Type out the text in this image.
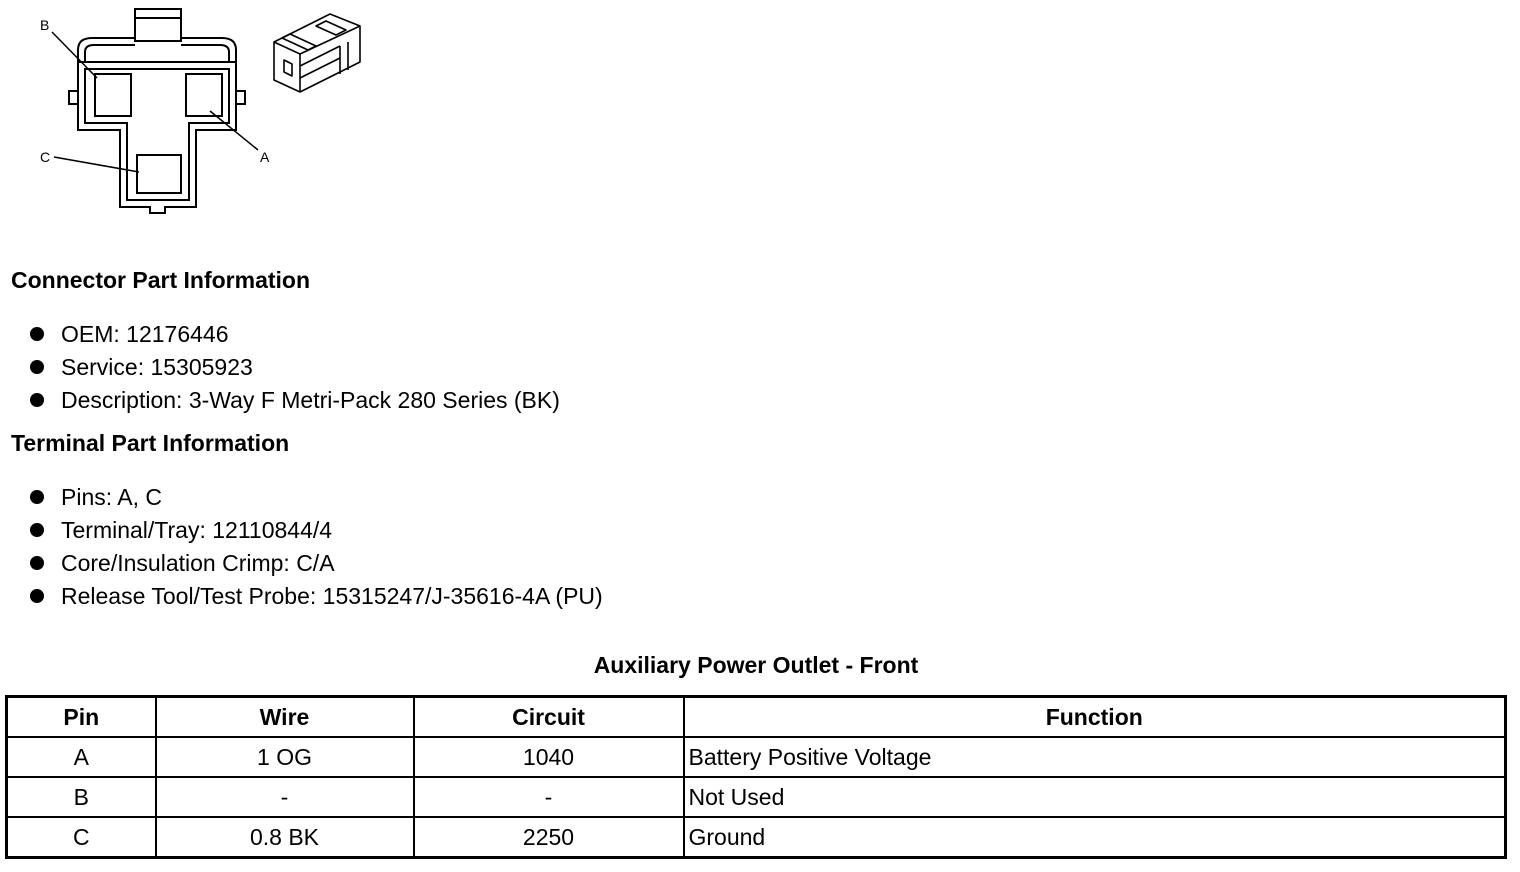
B
A
C
Connector Part Information
OEM: 12176446
Service: 15305923
Description: 3-Way F Metri-Pack 280 Series (BK)
Terminal Part Information
Pins: A, C
Terminal/Tray: 12110844/4
Core/Insulation Crimp: C/A
Release Tool/Test Probe: 15315247/J-35616-4A (PU)
Auxiliary Power Outlet - Front
Pin	Wire	Circuit	Function
A	1 OG	1040	Battery Positive Voltage
B	-	-	Not Used
C	0.8 BK	2250	Ground
